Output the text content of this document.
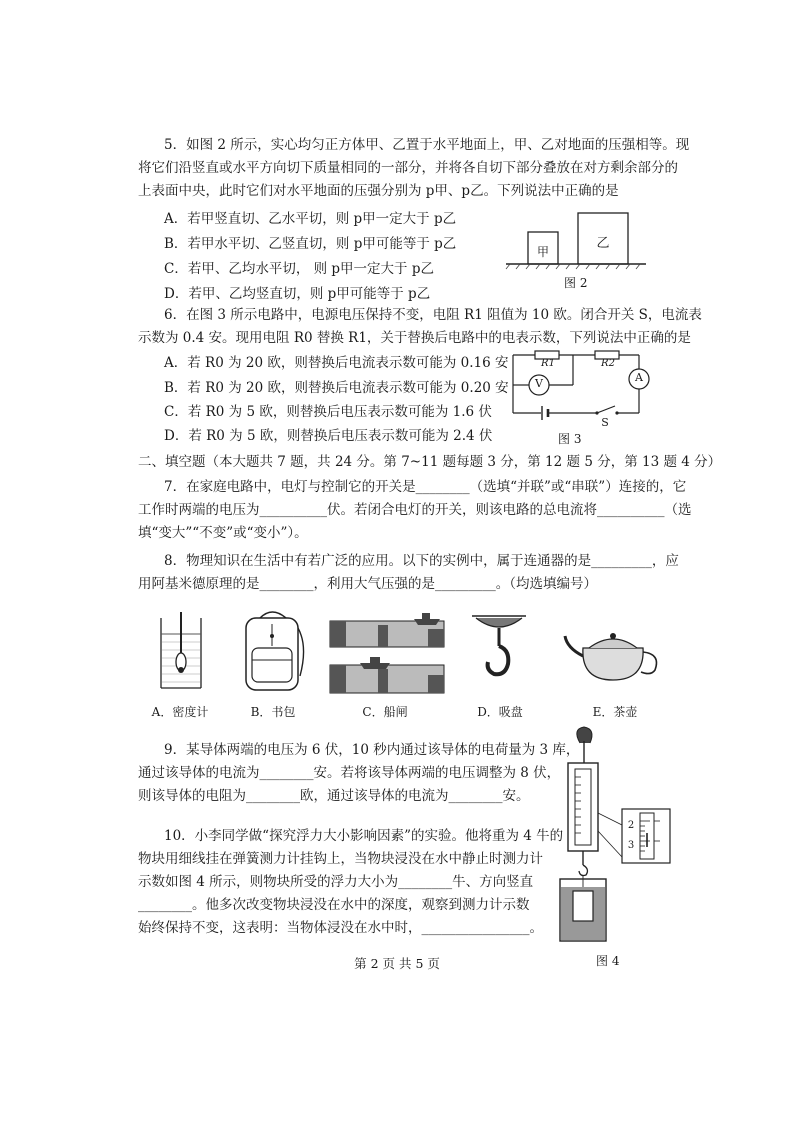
5．如图 2 所示，实心均匀正方体甲、乙置于水平地面上，甲、乙对地面的压强相等。现
将它们沿竖直或水平方向切下质量相同的一部分，并将各自切下部分叠放在对方剩余部分的
上表面中央，此时它们对水平地面的压强分别为 p甲、p乙。下列说法中正确的是
A．若甲竖直切、乙水平切，则 p甲一定大于 p乙
B．若甲水平切、乙竖直切，则 p甲可能等于 p乙
C．若甲、乙均水平切， 则 p甲一定大于 p乙
D．若甲、乙均竖直切，则 p甲可能等于 p乙
甲
乙
图 2
6．在图 3 所示电路中，电源电压保持不变，电阻 R1 阻值为 10 欧。闭合开关 S，电流表
示数为 0.4 安。现用电阻 R0 替换 R1，关于替换后电路中的电表示数，下列说法中正确的是
A．若 R0 为 20 欧，则替换后电流表示数可能为 0.16 安
B．若 R0 为 20 欧，则替换后电流表示数可能为 0.20 安
C．若 R0 为 5 欧，则替换后电压表示数可能为 1.6 伏
D．若 R0 为 5 欧，则替换后电压表示数可能为 2.4 伏
R1	R2
V	A
S
图 3
二、填空题（本大题共 7 题，共 24 分。第 7~11 题每题 3 分，第 12 题 5 分，第 13 题 4 分）
7．在家庭电路中，电灯与控制它的开关是________（选填“并联”或“串联”）连接的，它
工作时两端的电压为__________伏。若闭合电灯的开关，则该电路的总电流将__________（选
填“变大”“不变”或“变小”）。
8．物理知识在生活中有若广泛的应用。以下的实例中，属于连通器的是_________，应
用阿基米德原理的是________，利用大气压强的是_________。（均选填编号）
A．密度计	B．书包	C．船闸	D．吸盘	E．茶壶
9．某导体两端的电压为 6 伏，10 秒内通过该导体的电荷量为 3 库，
通过该导体的电流为________安。若将该导体两端的电压调整为 8 伏，
则该导体的电阻为________欧，通过该导体的电流为________安。
10．小李同学做“探究浮力大小影响因素”的实验。他将重为 4 牛的
物块用细线挂在弹簧测力计挂钩上，当物块浸没在水中静止时测力计
示数如图 4 所示，则物块所受的浮力大小为________牛、方向竖直
________。他多次改变物块浸没在水中的深度，观察到测力计示数
始终保持不变，这表明：当物体浸没在水中时，________________。
2
3
图 4
第 2 页 共 5 页
